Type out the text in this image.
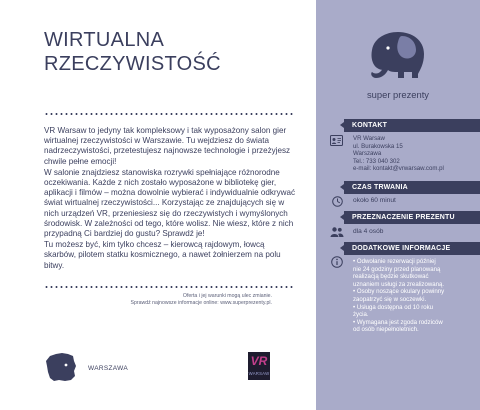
WIRTUALNA
RZECZYWISTOŚĆ

VR Warsaw to jedyny tak kompleksowy i tak wyposażony salon gier wirtualnej rzeczywistości w Warszawie. Tu wejdziesz do świata nadrzeczywistości, przetestujesz najnowsze technologie i przeżyjesz chwile pełne emocji!

W salonie znajdziesz stanowiska rozrywki spełniające różnorodne oczekiwania. Każde z nich zostało wyposażone w bibliotekę gier, aplikacji i filmów – można dowolnie wybierać i indywidualnie odkrywać świat wirtualnej rzeczywistości... Korzystając ze znajdujących się w nich urządzeń VR, przeniesiesz się do rzeczywistych i wymyślonych środowisk. W zależności od tego, które wolisz. Nie wiesz, które z nich przypadną Ci bardziej do gustu? Sprawdź je!

Tu możesz być, kim tylko chcesz – kierowcą rajdowym, łowcą skarbów, pilotem statku kosmicznego, a nawet żołnierzem na polu bitwy.

Oferta i jej warunki mogą ulec zmianie.
Sprawdź najnowsze informacje online: www.superprezenty.pl.
WARSZAWA
VR
WARSAW
super prezenty
KONTAKT
VR Warsaw
ul. Burakowska 15
Warszawa
Tel.: 733 040 302
e-mail: kontakt@vrwarsaw.com.pl
CZAS TRWANIA
około 60 minut
PRZEZNACZENIE PREZENTU
dla 4 osób
DODATKOWE INFORMACJE
• Odwołanie rezerwacji później
nie 24 godziny przed planowaną
realizacją będzie skutkować
uznaniem usługi za zrealizowaną.
• Osoby noszące okulary powinny
zaopatrzyć się w soczewki.
• Usługa dostępna od 10 roku
życia.
• Wymagana jest zgoda rodziców
od osób niepełnoletnich.
